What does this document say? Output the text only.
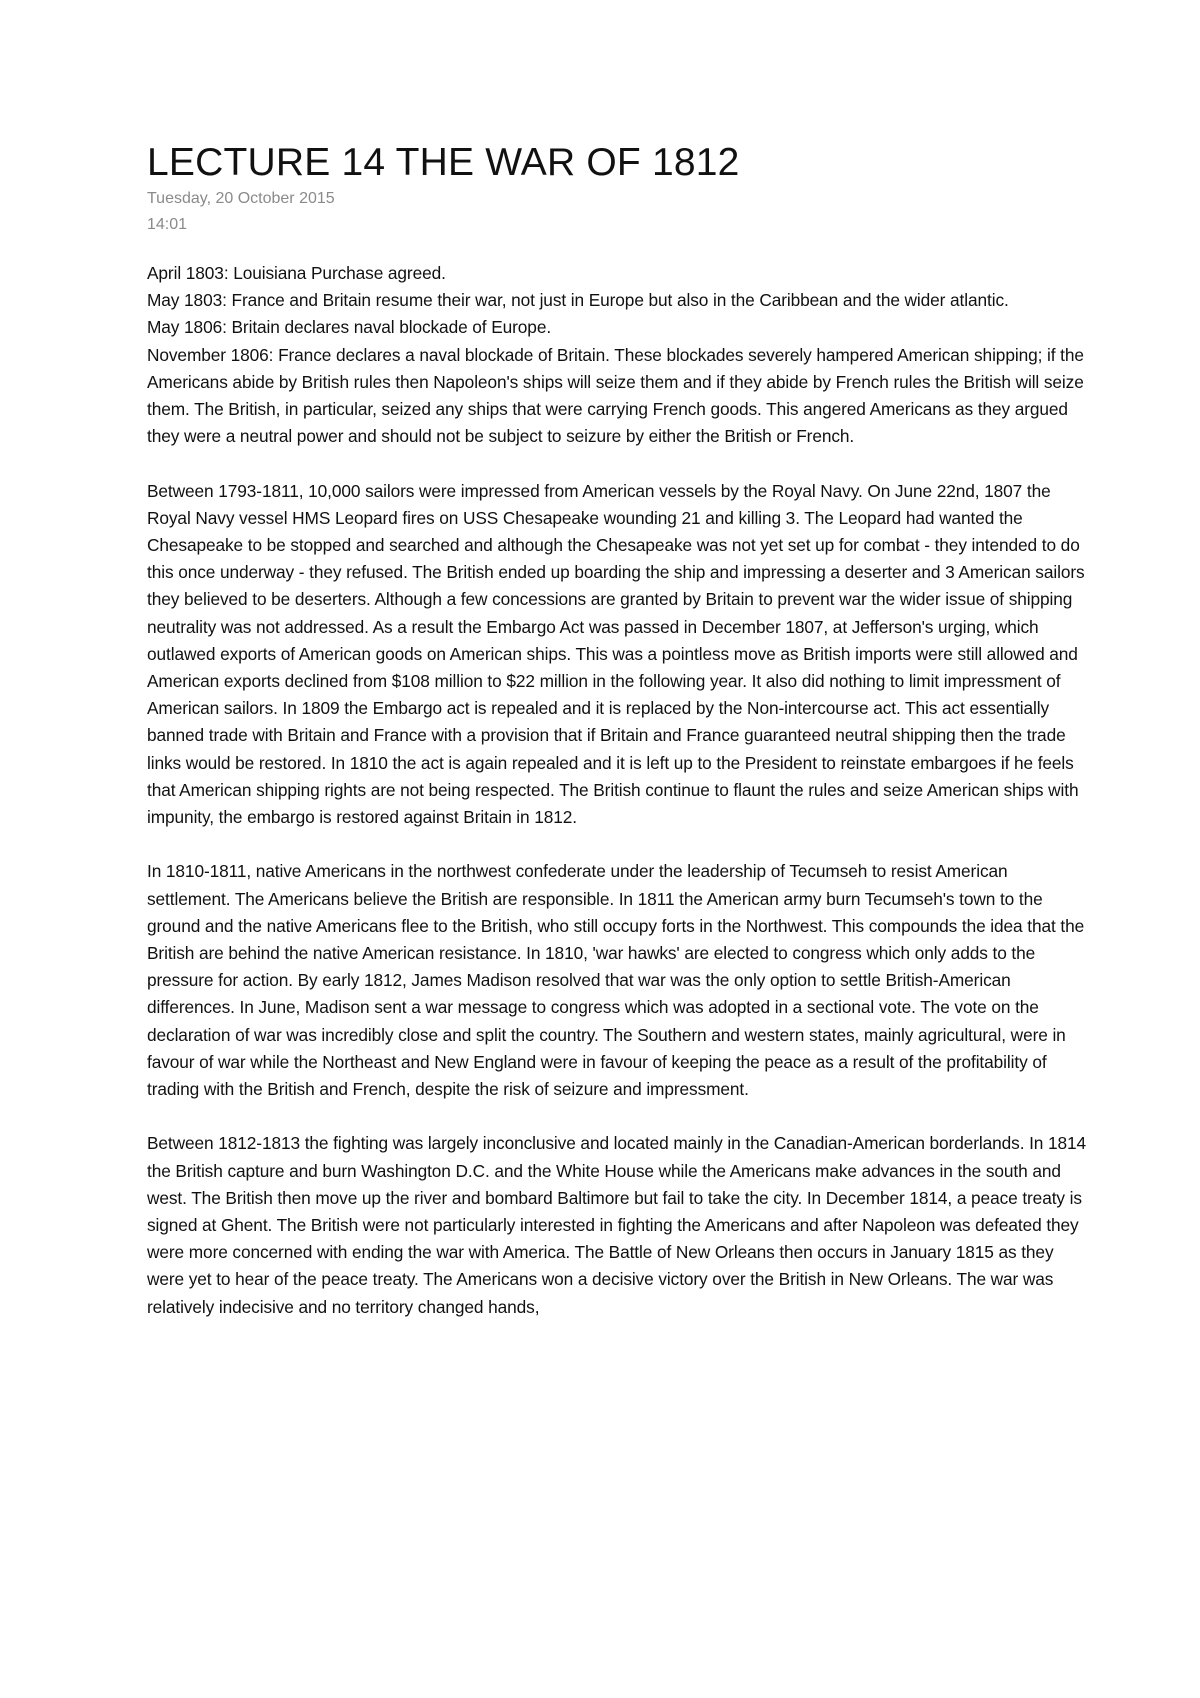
LECTURE 14 THE WAR OF 1812
Tuesday, 20 October 2015
14:01

April 1803: Louisiana Purchase agreed.

May 1803: France and Britain resume their war, not just in Europe but also in the Caribbean and the wider atlantic.

May 1806: Britain declares naval blockade of Europe.

November 1806: France declares a naval blockade of Britain. These blockades severely hampered American shipping; if the Americans abide by British rules then Napoleon's ships will seize them and if they abide by French rules the British will seize them. The British, in particular, seized any ships that were carrying French goods. This angered Americans as they argued they were a neutral power and should not be subject to seizure by either the British or French.

Between 1793-1811, 10,000 sailors were impressed from American vessels by the Royal Navy. On June 22nd, 1807 the Royal Navy vessel HMS Leopard fires on USS Chesapeake wounding 21 and killing 3. The Leopard had wanted the Chesapeake to be stopped and searched and although the Chesapeake was not yet set up for combat - they intended to do this once underway - they refused. The British ended up boarding the ship and impressing a deserter and 3 American sailors they believed to be deserters. Although a few concessions are granted by Britain to prevent war the wider issue of shipping neutrality was not addressed. As a result the Embargo Act was passed in December 1807, at Jefferson's urging, which outlawed exports of American goods on American ships. This was a pointless move as British imports were still allowed and American exports declined from $108 million to $22 million in the following year. It also did nothing to limit impressment of American sailors. In 1809 the Embargo act is repealed and it is replaced by the Non-intercourse act. This act essentially banned trade with Britain and France with a provision that if Britain and France guaranteed neutral shipping then the trade links would be restored. In 1810 the act is again repealed and it is left up to the President to reinstate embargoes if he feels that American shipping rights are not being respected. The British continue to flaunt the rules and seize American ships with impunity, the embargo is restored against Britain in 1812.

In 1810-1811, native Americans in the northwest confederate under the leadership of Tecumseh to resist American settlement. The Americans believe the British are responsible. In 1811 the American army burn Tecumseh's town to the ground and the native Americans flee to the British, who still occupy forts in the Northwest. This compounds the idea that the British are behind the native American resistance. In 1810, 'war hawks' are elected to congress which only adds to the pressure for action. By early 1812, James Madison resolved that war was the only option to settle British-American differences. In June, Madison sent a war message to congress which was adopted in a sectional vote. The vote on the declaration of war was incredibly close and split the country. The Southern and western states, mainly agricultural, were in favour of war while the Northeast and New England were in favour of keeping the peace as a result of the profitability of trading with the British and French, despite the risk of seizure and impressment.

Between 1812-1813 the fighting was largely inconclusive and located mainly in the Canadian-American borderlands. In 1814 the British capture and burn Washington D.C. and the White House while the Americans make advances in the south and west. The British then move up the river and bombard Baltimore but fail to take the city. In December 1814, a peace treaty is signed at Ghent. The British were not particularly interested in fighting the Americans and after Napoleon was defeated they were more concerned with ending the war with America. The Battle of New Orleans then occurs in January 1815 as they were yet to hear of the peace treaty. The Americans won a decisive victory over the British in New Orleans. The war was relatively indecisive and no territory changed hands,
